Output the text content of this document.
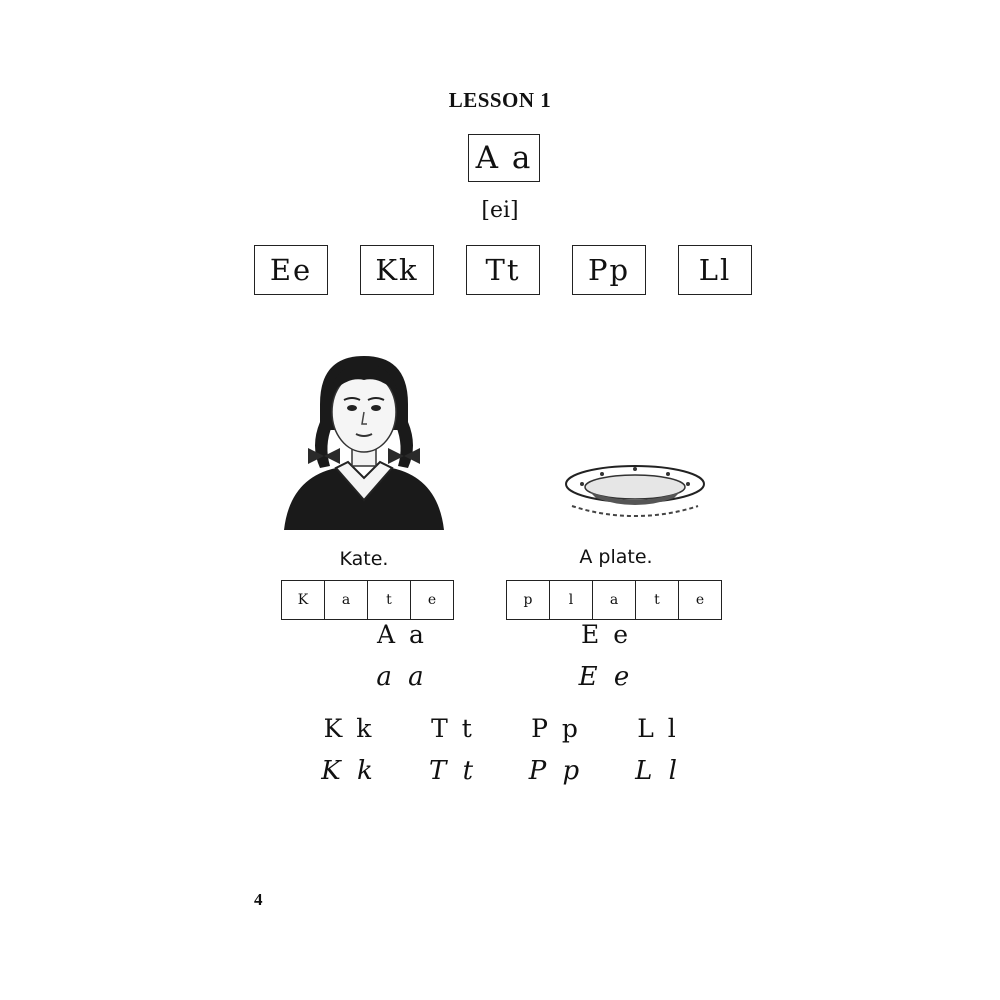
LESSON 1
A a
[ei]
Ee	Kk	Tt	Pp	Ll
Kate.	A plate.
K	a	t	e	p	l	a	t	e
A a	E e
a a	E e
K k	T t	P p	L l
K k	T t	P p	L l
4
